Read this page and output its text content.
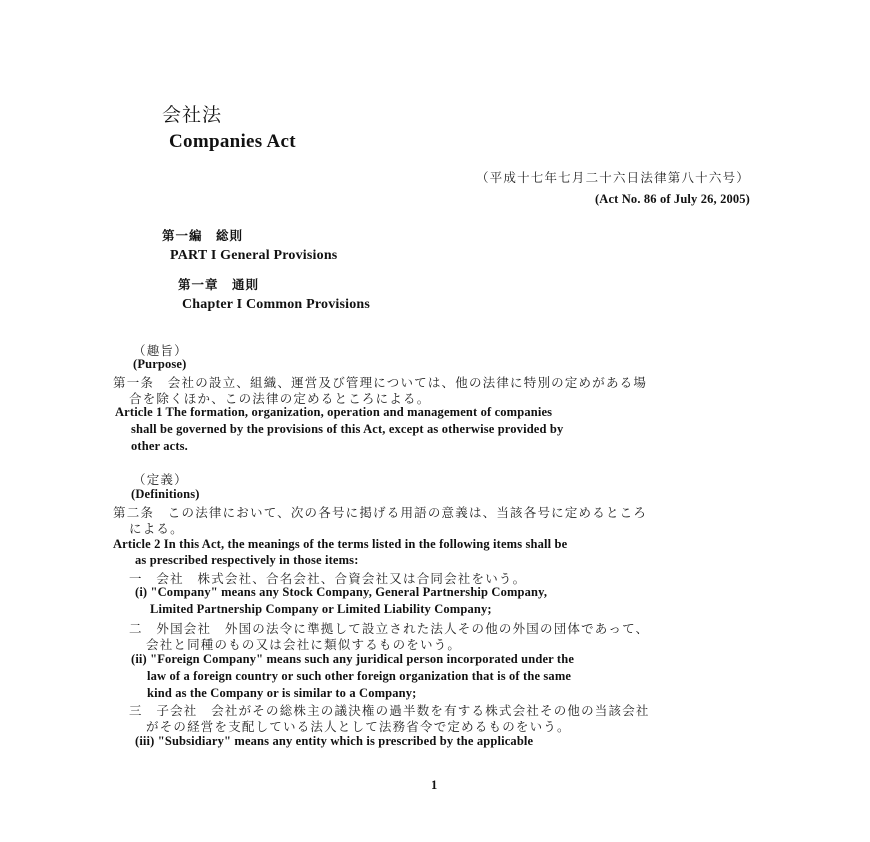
会社法
Companies Act
（平成十七年七月二十六日法律第八十六号）
(Act No. 86 of July 26, 2005)
第一編　総則
PART I General Provisions
第一章　通則
Chapter I Common Provisions
（趣旨）
(Purpose)
第一条　会社の設立、組織、運営及び管理については、他の法律に特別の定めがある場
合を除くほか、この法律の定めるところによる。
Article 1 The formation, organization, operation and management of companies
shall be governed by the provisions of this Act, except as otherwise provided by
other acts.
（定義）
(Definitions)
第二条　この法律において、次の各号に掲げる用語の意義は、当該各号に定めるところ
による。
Article 2 In this Act, the meanings of the terms listed in the following items shall be
as prescribed respectively in those items:
一　会社　株式会社、合名会社、合資会社又は合同会社をいう。
(i) "Company" means any Stock Company, General Partnership Company,
Limited Partnership Company or Limited Liability Company;
二　外国会社　外国の法令に準拠して設立された法人その他の外国の団体であって、
会社と同種のもの又は会社に類似するものをいう。
(ii) "Foreign Company" means such any juridical person incorporated under the
law of a foreign country or such other foreign organization that is of the same
kind as the Company or is similar to a Company;
三　子会社　会社がその総株主の議決権の過半数を有する株式会社その他の当該会社
がその経営を支配している法人として法務省令で定めるものをいう。
(iii) "Subsidiary" means any entity which is prescribed by the applicable
1
